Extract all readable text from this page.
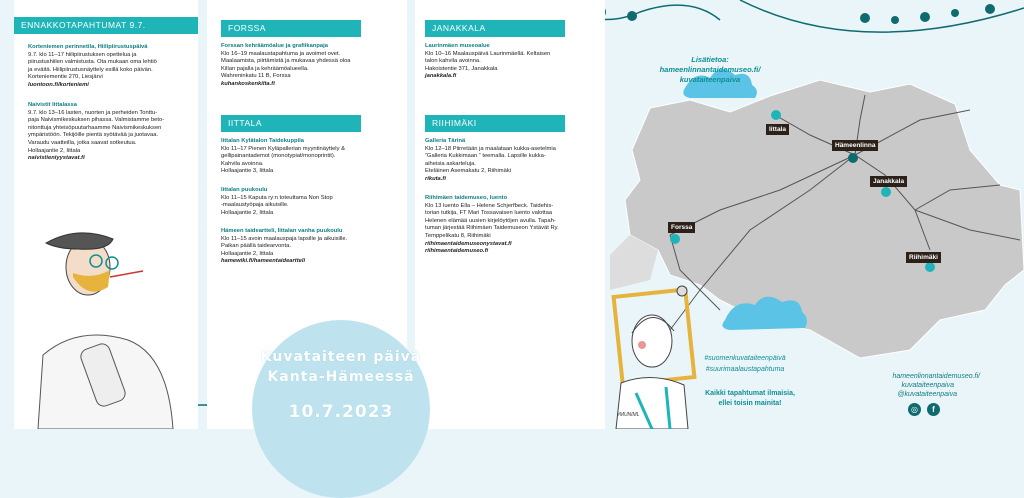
ENNAKKOTAPAHTUMAT 9.7.
Korteniemen perinnetila, Hiilipiirustuspäivä
9.7. klo 11–17 hiilipiirustuksen opettelua ja
piirustushiilen valmistusta. Ota mukaan oma lehtiö
ja eväitä. Hiilipiirustusnäyttely esillä koko päivän.
Korteniementie 270, Liesjärvi
luontoon.fi/korteniemi
Naivistit Iittalassa
9.7. klo 13–16 lasten, nuorten ja perheiden Tonttu-
paja Naivismikeskuksen pihassa. Valmistamme beto-
nitonttuja yhteisöpuutarhaamme Naivismikeskuksen
ympäristöön. Tekijöille pientä syötävää ja juotavaa.
Varaudu vaatteilla, jotka saavat sotkeutua.
Hollaajantie 2, Iittala
naivistieniyystavat.fi
FORSSA
Forssan kehräämöalue ja grafiikanpaja
Klo 16–19 maalaustapahtuma ja avoimet ovet.
Maalaamista, piirtämistä ja mukavaa yhdessä oloa
Killan pajalla ja kehräämöalueella.
Wahreninkatu 11 B, Forssa
kuhankoskenkilta.fi
IITTALA
Iittalan Kylätalon Taidekuppila
Klo 11–17 Pienen Kyläpallerian myyntinäyttely &
gellipainantademot (monotypiat/monoprintit).
Kahvila avoinna.
Hollaajantie 3, Iittala
Iittalan puukoulu
Klo 11–15 Kaputa ry:n toteuttama Non Stop
-maalaustyöpaja aikuisille.
Hollaajantie 2, Iittala
Hämeen taideartteli, Iittalan vanha puukoulu
Klo 11–15 avoin maalauspaja lapsille ja aikuisille.
Paikan päällä taidearvonta.
Hollaajantie 2, Iittala
hamewiki.fi/hameentaideartteli
JANAKKALA
Laurinmäen museoalue
Klo 10–16 Maalauspäivä Laurinmäellä. Keltaisen
talon kahvila avoinna.
Hakoistentie 371, Janakkala
janakkala.fi
RIIHIMÄKI
Galleria Tärinä
Klo 12–18 Piirretään ja maalataan kukka-asetelmia
“Galleria Kukkimaan ” teemalla. Lapsille kukka-
aiheisia askarteluja.
Eteläinen Asemakatu 2, Riihimäki
rikuta.fi
Riihimäen taidemuseo, luento
Klo 13 luento Ella – Helene Schjerfbeck. Taidehis-
torian tutkija, FT Mari Tossavaisen luento valottaa
Helenen elämää uusien kirjelöytöjen avulla. Tapah-
tuman järjestää Riihimäen Taidemuseon Ystävät Ry.
Temppelikatu 8, Riihimäki
riihimaentaidemuseonystavat.fi
riihimaentaidemuseo.fi
Kuvataiteen päivä
Kanta-Hämeessä
10.7.2023
Iittala
Hämeenlinna
Janakkala
Forssa
Riihimäki
Lisätietoa:
hameenlinnantaidemuseo.fi/
kuvataiteenpaiva
#MUNIML
#suomenkuvataiteenpäivä
#suurimaalaustapahtuma
Kaikki tapahtumat ilmaisia,
ellei toisin mainita!
hameenlinnantaidemuseo.fi/
kuvataiteenpaiva
@kuvataiteenpaiva
◎	f
